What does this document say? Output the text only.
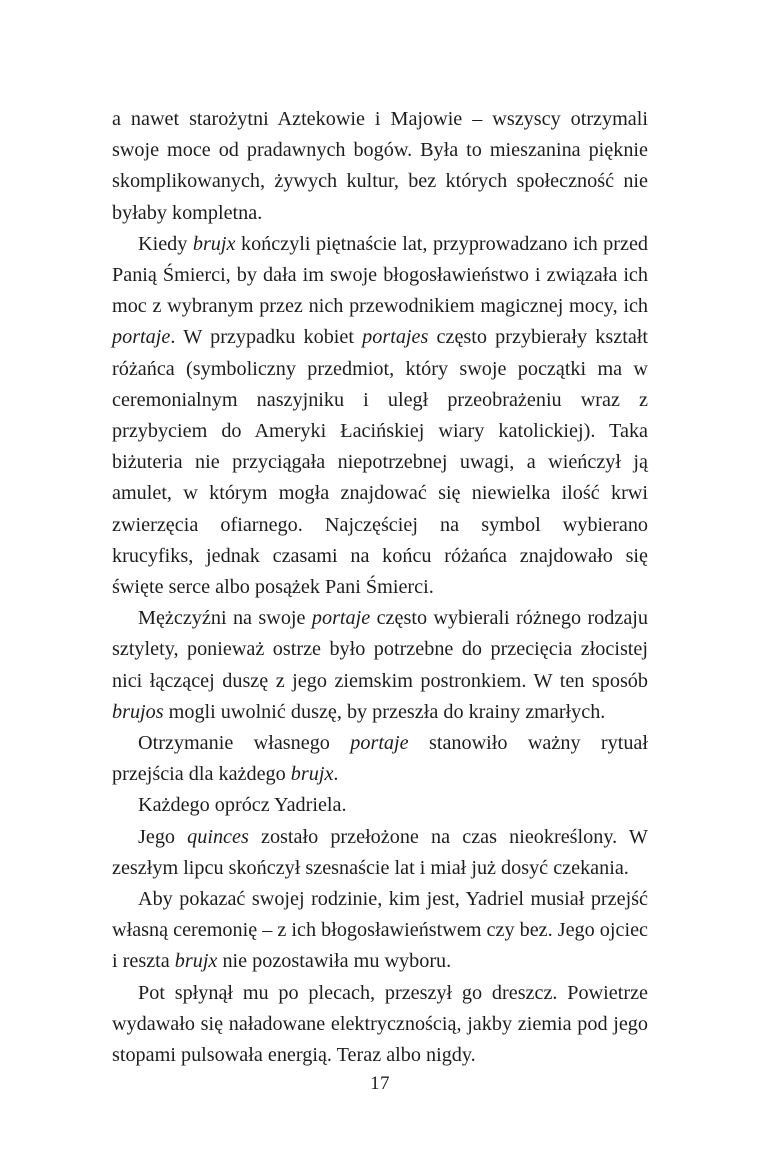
a nawet starożytni Aztekowie i Majowie – wszyscy otrzymali swoje moce od pradawnych bogów. Była to mieszanina pięknie skomplikowanych, żywych kultur, bez których społeczność nie byłaby kompletna.

Kiedy brujx kończyli piętnaście lat, przyprowadzano ich przed Panią Śmierci, by dała im swoje błogosławieństwo i związała ich moc z wybranym przez nich przewodnikiem magicznej mocy, ich portaje. W przypadku kobiet portajes często przybierały kształt różańca (symboliczny przedmiot, który swoje początki ma w ceremonialnym naszyjniku i uległ przeobrażeniu wraz z przybyciem do Ameryki Łacińskiej wiary katolickiej). Taka biżuteria nie przyciągała niepotrzebnej uwagi, a wieńczył ją amulet, w którym mogła znajdować się niewielka ilość krwi zwierzęcia ofiarnego. Najczęściej na symbol wybierano krucyfiks, jednak czasami na końcu różańca znajdowało się święte serce albo posążek Pani Śmierci.

Mężczyźni na swoje portaje często wybierali różnego rodzaju sztylety, ponieważ ostrze było potrzebne do przecięcia złocistej nici łączącej duszę z jego ziemskim postronkiem. W ten sposób brujos mogli uwolnić duszę, by przeszła do krainy zmarłych.

Otrzymanie własnego portaje stanowiło ważny rytuał przejścia dla każdego brujx.

Każdego oprócz Yadriela.

Jego quinces zostało przełożone na czas nieokreślony. W zeszłym lipcu skończył szesnaście lat i miał już dosyć czekania.

Aby pokazać swojej rodzinie, kim jest, Yadriel musiał przejść własną ceremonię – z ich błogosławieństwem czy bez. Jego ojciec i reszta brujx nie pozostawiła mu wyboru.

Pot spłynął mu po plecach, przeszył go dreszcz. Powietrze wydawało się naładowane elektrycznością, jakby ziemia pod jego stopami pulsowała energią. Teraz albo nigdy.

17
